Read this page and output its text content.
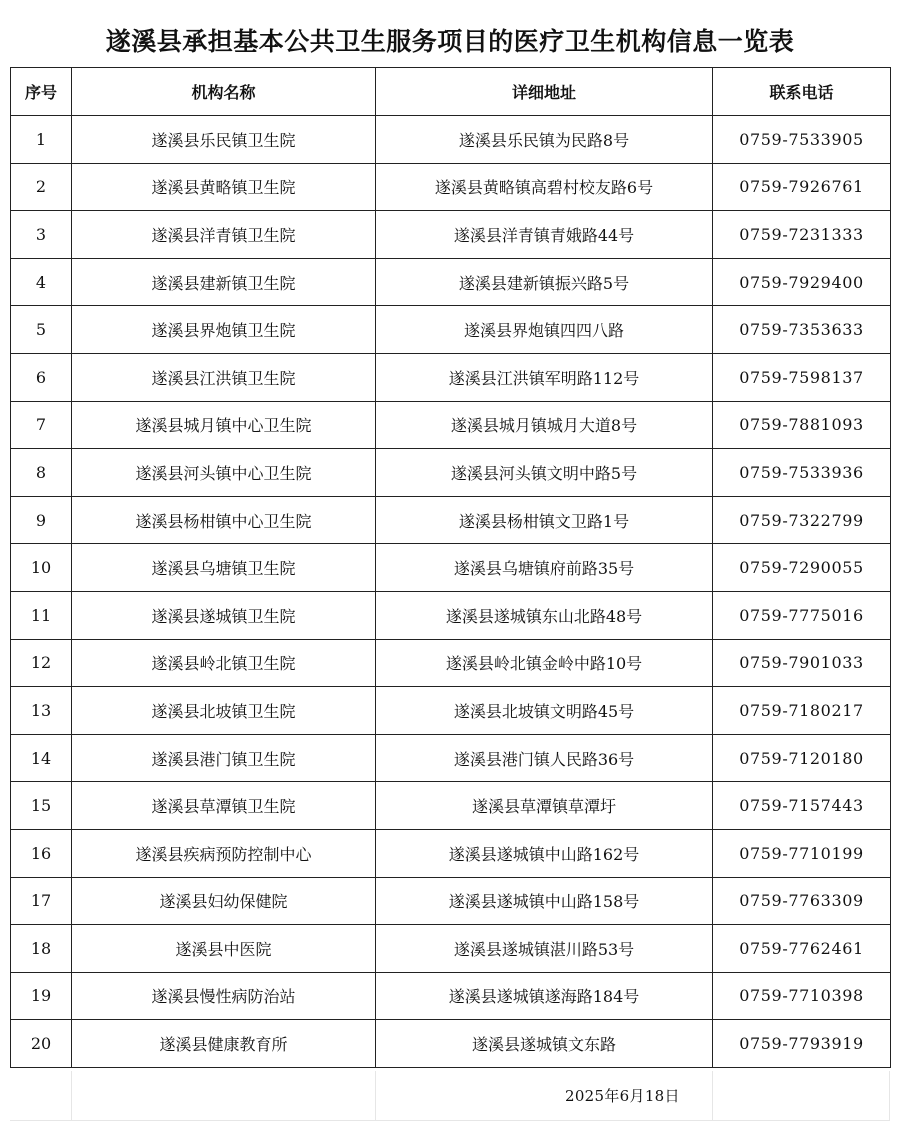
遂溪县承担基本公共卫生服务项目的医疗卫生机构信息一览表
序号	机构名称	详细地址	联系电话
1	遂溪县乐民镇卫生院	遂溪县乐民镇为民路8号	0759-7533905
2	遂溪县黄略镇卫生院	遂溪县黄略镇高碧村校友路6号	0759-7926761
3	遂溪县洋青镇卫生院	遂溪县洋青镇青娥路44号	0759-7231333
4	遂溪县建新镇卫生院	遂溪县建新镇振兴路5号	0759-7929400
5	遂溪县界炮镇卫生院	遂溪县界炮镇四四八路	0759-7353633
6	遂溪县江洪镇卫生院	遂溪县江洪镇军明路112号	0759-7598137
7	遂溪县城月镇中心卫生院	遂溪县城月镇城月大道8号	0759-7881093
8	遂溪县河头镇中心卫生院	遂溪县河头镇文明中路5号	0759-7533936
9	遂溪县杨柑镇中心卫生院	遂溪县杨柑镇文卫路1号	0759-7322799
10	遂溪县乌塘镇卫生院	遂溪县乌塘镇府前路35号	0759-7290055
11	遂溪县遂城镇卫生院	遂溪县遂城镇东山北路48号	0759-7775016
12	遂溪县岭北镇卫生院	遂溪县岭北镇金岭中路10号	0759-7901033
13	遂溪县北坡镇卫生院	遂溪县北坡镇文明路45号	0759-7180217
14	遂溪县港门镇卫生院	遂溪县港门镇人民路36号	0759-7120180
15	遂溪县草潭镇卫生院	遂溪县草潭镇草潭圩	0759-7157443
16	遂溪县疾病预防控制中心	遂溪县遂城镇中山路162号	0759-7710199
17	遂溪县妇幼保健院	遂溪县遂城镇中山路158号	0759-7763309
18	遂溪县中医院	遂溪县遂城镇湛川路53号	0759-7762461
19	遂溪县慢性病防治站	遂溪县遂城镇遂海路184号	0759-7710398
20	遂溪县健康教育所	遂溪县遂城镇文东路	0759-7793919
2025年6月18日
